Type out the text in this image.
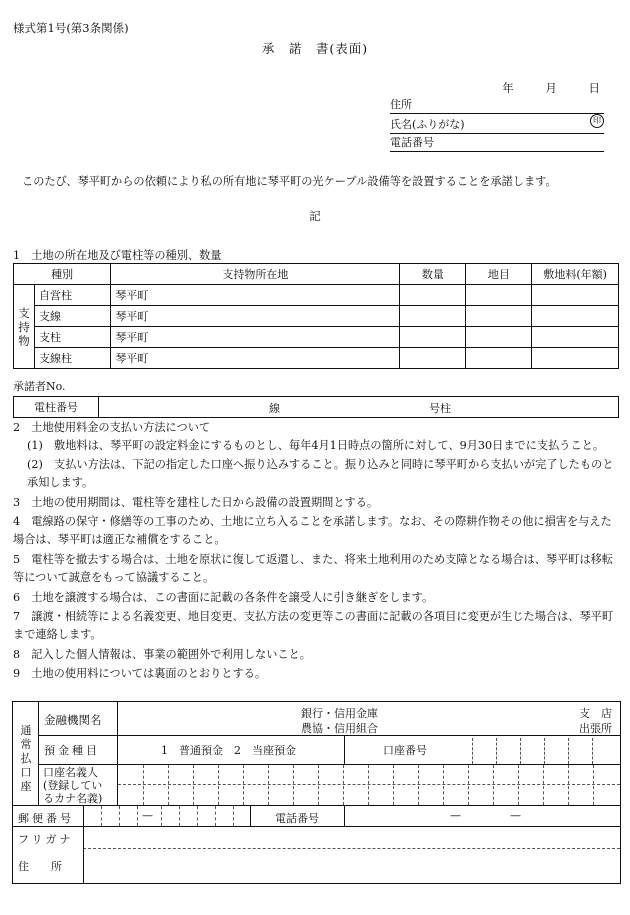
様式第1号(第3条関係)
承　諾　書(表面)
年	月	日
住所
氏名(ふりがな)	印
電話番号
このたび、琴平町からの依頼により私の所有地に琴平町の光ケーブル設備等を設置することを承諾します。
記
1　土地の所在地及び電柱等の種別、数量
種別		支持物所在地	数量	地目	敷地料(年額)

支
持
物	自営柱	琴平町			
	支線	琴平町			
	支柱	琴平町			
	支線柱	琴平町			
承諾者No.
電柱番号	線	号柱
2　土地使用料金の支払い方法について
(1)　敷地料は、琴平町の設定料金にするものとし、毎年4月1日時点の箇所に対して、9月30日までに支払うこと。
(2)　支払い方法は、下記の指定した口座へ振り込みすること。振り込みと同時に琴平町から支払いが完了したものと承知します。
3　土地の使用期間は、電柱等を建柱した日から設備の設置期間とする。
4　電線路の保守・修繕等の工事のため、土地に立ち入ることを承諾します。なお、その際耕作物その他に損害を与えた場合は、琴平町は適正な補償をすること。
5　電柱等を撤去する場合は、土地を原状に復して返還し、また、将来土地利用のため支障となる場合は、琴平町は移転等について誠意をもって協議すること。
6　土地を譲渡する場合は、この書面に記載の各条件を譲受人に引き継ぎをします。
7　譲渡・相続等による名義変更、地目変更、支払方法の変更等この書面に記載の各項目に変更が生じた場合は、琴平町まで連絡します。
8　記入した個人情報は、事業の範囲外で利用しないこと。
9　土地の使用料については裏面のとおりとする。
通
常
払
口
座
金融機関名	銀行・信用金庫
農協・信用組合
支　店
出張所
預金種目	1　普通預金　2　当座預金	口座番号
口座名義人
(登録してい
るカナ名義)
郵便番号	—	電話番号	—	—
フリガナ
住　　所
